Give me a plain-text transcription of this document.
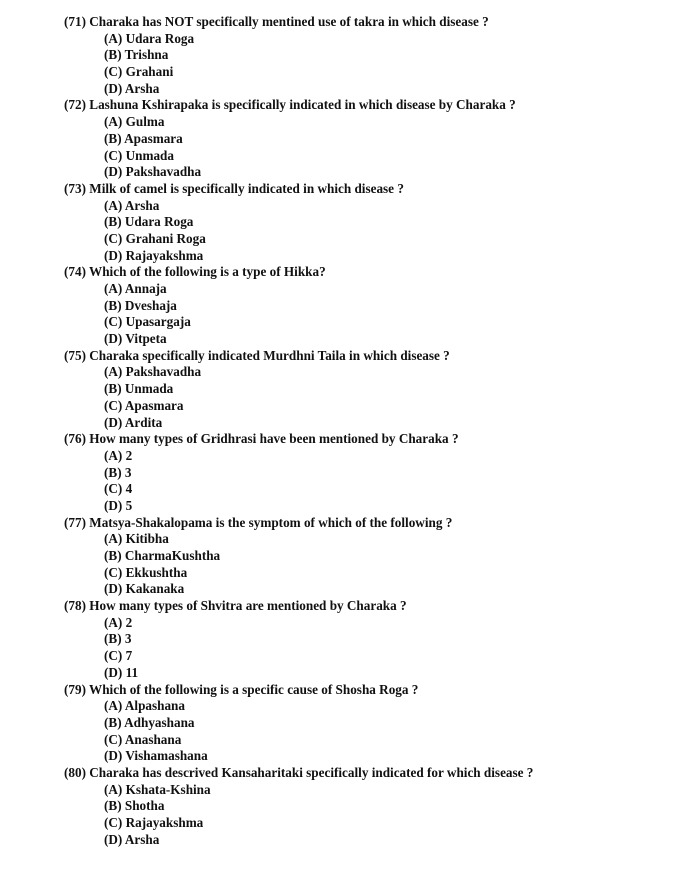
(71) Charaka has NOT specifically mentined use of takra in which disease ?
(A) Udara Roga
(B) Trishna
(C) Grahani
(D) Arsha
(72) Lashuna Kshirapaka is specifically indicated in which disease by Charaka ?
(A) Gulma
(B) Apasmara
(C) Unmada
(D) Pakshavadha
(73) Milk of camel is specifically indicated in which disease ?
(A) Arsha
(B) Udara Roga
(C) Grahani Roga
(D) Rajayakshma
(74) Which of the following is a type of Hikka?
(A) Annaja
(B) Dveshaja
(C) Upasargaja
(D) Vitpeta
(75) Charaka specifically indicated Murdhni Taila in which disease ?
(A) Pakshavadha
(B) Unmada
(C) Apasmara
(D) Ardita
(76) How many types of Gridhrasi have been mentioned by Charaka ?
(A) 2
(B) 3
(C) 4
(D) 5
(77) Matsya-Shakalopama is the symptom of which of the following ?
(A) Kitibha
(B) CharmaKushtha
(C) Ekkushtha
(D) Kakanaka
(78) How many types of Shvitra are mentioned by Charaka ?
(A) 2
(B) 3
(C) 7
(D) 11
(79) Which of the following is a specific cause of Shosha Roga ?
(A) Alpashana
(B) Adhyashana
(C) Anashana
(D) Vishamashana
(80) Charaka has descrived Kansaharitaki specifically indicated for which disease ?
(A) Kshata-Kshina
(B) Shotha
(C) Rajayakshma
(D) Arsha
